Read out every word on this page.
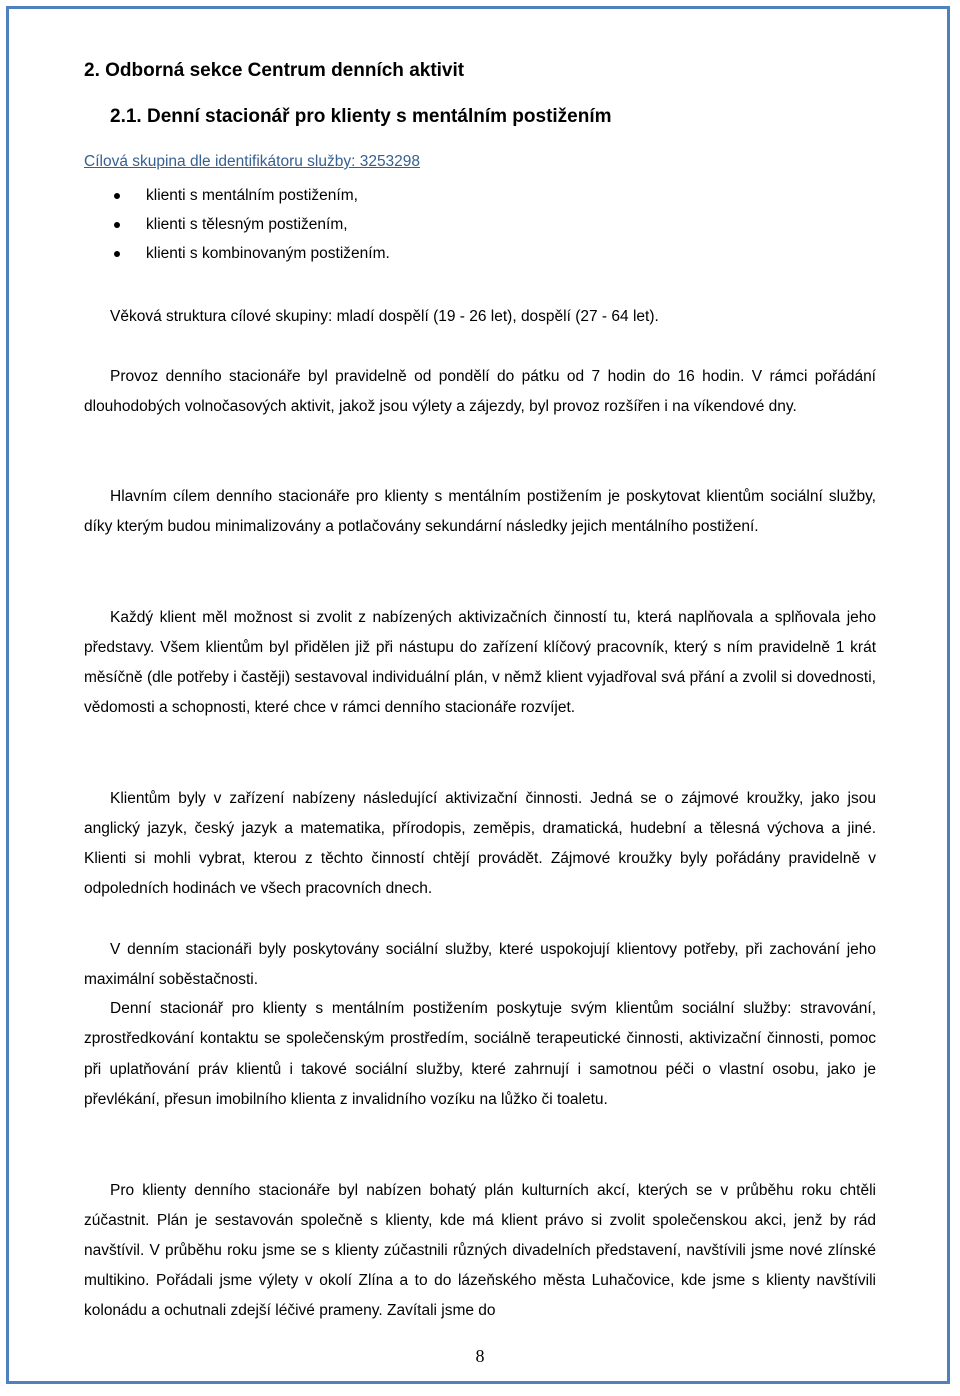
2. Odborná sekce Centrum denních aktivit
2.1. Denní stacionář pro klienty s mentálním postižením
Cílová skupina dle identifikátoru služby: 3253298
klienti s mentálním postižením,
klienti s tělesným postižením,
klienti s kombinovaným postižením.

Věková struktura cílové skupiny: mladí dospělí (19 - 26 let), dospělí (27 - 64 let).

Provoz denního stacionáře byl pravidelně od pondělí do pátku od 7 hodin do 16 hodin. V rámci pořádání dlouhodobých volnočasových aktivit, jakož jsou výlety a zájezdy, byl provoz rozšířen i na víkendové dny.

Hlavním cílem denního stacionáře pro klienty s mentálním postižením je poskytovat klientům sociální služby, díky kterým budou minimalizovány a potlačovány sekundární následky jejich mentálního postižení.

Každý klient měl možnost si zvolit z nabízených aktivizačních činností tu, která naplňovala a splňovala jeho představy. Všem klientům byl přidělen již při nástupu do zařízení klíčový pracovník, který s ním pravidelně 1 krát měsíčně (dle potřeby i častěji) sestavoval individuální plán, v němž klient vyjadřoval svá přání a zvolil si dovednosti, vědomosti a schopnosti, které chce v rámci denního stacionáře rozvíjet.

Klientům byly v zařízení nabízeny následující aktivizační činnosti. Jedná se o zájmové kroužky, jako jsou anglický jazyk, český jazyk a matematika, přírodopis, zeměpis, dramatická, hudební a tělesná výchova a jiné. Klienti si mohli vybrat, kterou z těchto činností chtějí provádět. Zájmové kroužky byly pořádány pravidelně v odpoledních hodinách ve všech pracovních dnech.

V denním stacionáři byly poskytovány sociální služby, které uspokojují klientovy potřeby, při zachování jeho maximální soběstačnosti.

Denní stacionář pro klienty s mentálním postižením poskytuje svým klientům sociální služby: stravování, zprostředkování kontaktu se společenským prostředím, sociálně terapeutické činnosti, aktivizační činnosti, pomoc při uplatňování práv klientů i takové sociální služby, které zahrnují i samotnou péči o vlastní osobu, jako je převlékání, přesun imobilního klienta z invalidního vozíku na lůžko či toaletu.

Pro klienty denního stacionáře byl nabízen bohatý plán kulturních akcí, kterých se v průběhu roku chtěli zúčastnit. Plán je sestavován společně s klienty, kde má klient právo si zvolit společenskou akci, jenž by rád navštívil. V průběhu roku jsme se s klienty zúčastnili různých divadelních představení, navštívili jsme nové zlínské multikino. Pořádali jsme výlety v okolí Zlína a to do lázeňského města Luhačovice, kde jsme s klienty navštívili kolonádu a ochutnali zdejší léčivé prameny. Zavítali jsme do

8
